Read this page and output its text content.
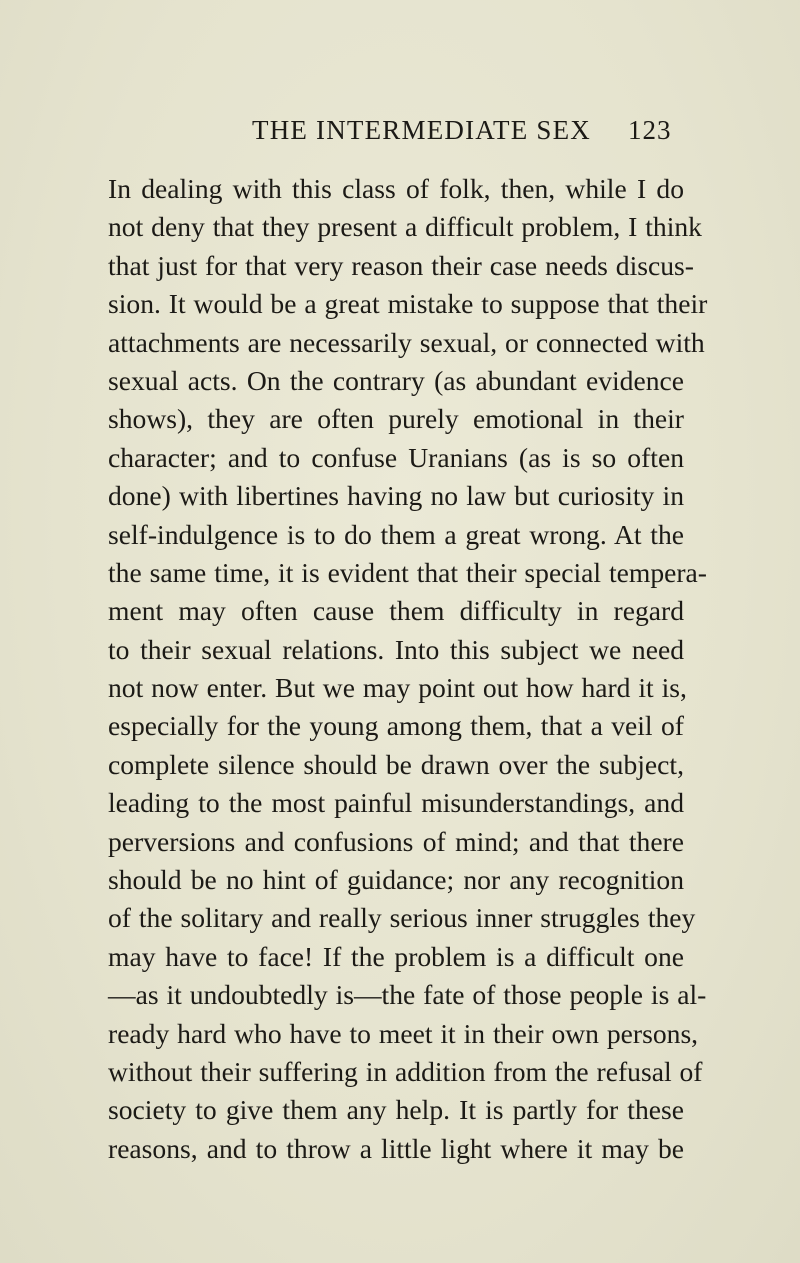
THE INTERMEDIATE SEX 123
In dealing with this class of folk, then, while I do
not deny that they present a difficult problem, I think
that just for that very reason their case needs discus-
sion. It would be a great mistake to suppose that their
attachments are necessarily sexual, or connected with
sexual acts. On the contrary (as abundant evidence
shows), they are often purely emotional in their
character; and to confuse Uranians (as is so often
done) with libertines having no law but curiosity in
self-indulgence is to do them a great wrong. At the
the same time, it is evident that their special tempera-
ment may often cause them difficulty in regard
to their sexual relations. Into this subject we need
not now enter. But we may point out how hard it is,
especially for the young among them, that a veil of
complete silence should be drawn over the subject,
leading to the most painful misunderstandings, and
perversions and confusions of mind; and that there
should be no hint of guidance; nor any recognition
of the solitary and really serious inner struggles they
may have to face! If the problem is a difficult one
—as it undoubtedly is—the fate of those people is al-
ready hard who have to meet it in their own persons,
without their suffering in addition from the refusal of
society to give them any help. It is partly for these
reasons, and to throw a little light where it may be
